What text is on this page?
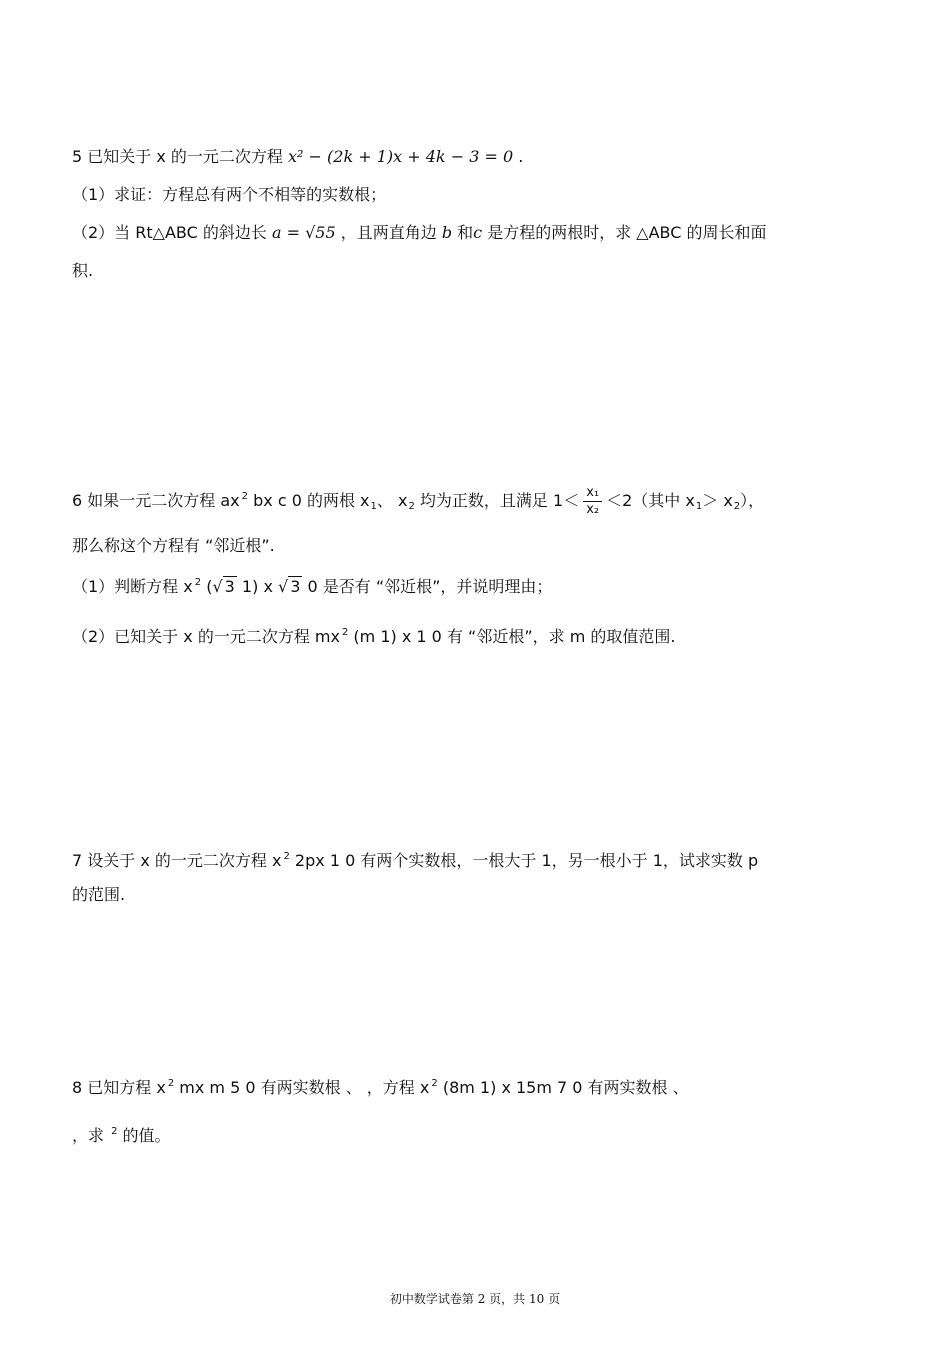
5 已知关于 x 的一元二次方程 x² − (2k + 1)x + 4k − 3 = 0 .
（1）求证：方程总有两个不相等的实数根；
（2）当 Rt△ABC 的斜边长 a = √55 ，且两直角边 b 和c 是方程的两根时，求 △ABC 的周长和面
积.
6 如果一元二次方程 ax $^2$ bx c 0 的两根 x1、 x2 均为正数，且满足 $1< \frac{\text{x₁}}{\text{x₂}} <2$（其中 x1＞ x2），
那么称这个方程有 “邻近根”.
（1）判断方程 x $^2$ (√ 3 1) x √ 3 0 是否有 “邻近根”，并说明理由；
（2）已知关于 x 的一元二次方程 mx $^2$ (m 1) x 1 0 有 “邻近根”，求 m 的取值范围.
7 设关于 x 的一元二次方程 x $^2$ 2px 1 0 有两个实数根，一根大于 1，另一根小于 1，试求实数 p
的范围.
8 已知方程 x $^2$ mx m 5 0 有两实数根 、 ，方程 x $^2$ (8m 1) x 15m 7 0 有两实数根 、
，求 $^2$ 的值。
初中数学试卷第 2 页，共 10 页
